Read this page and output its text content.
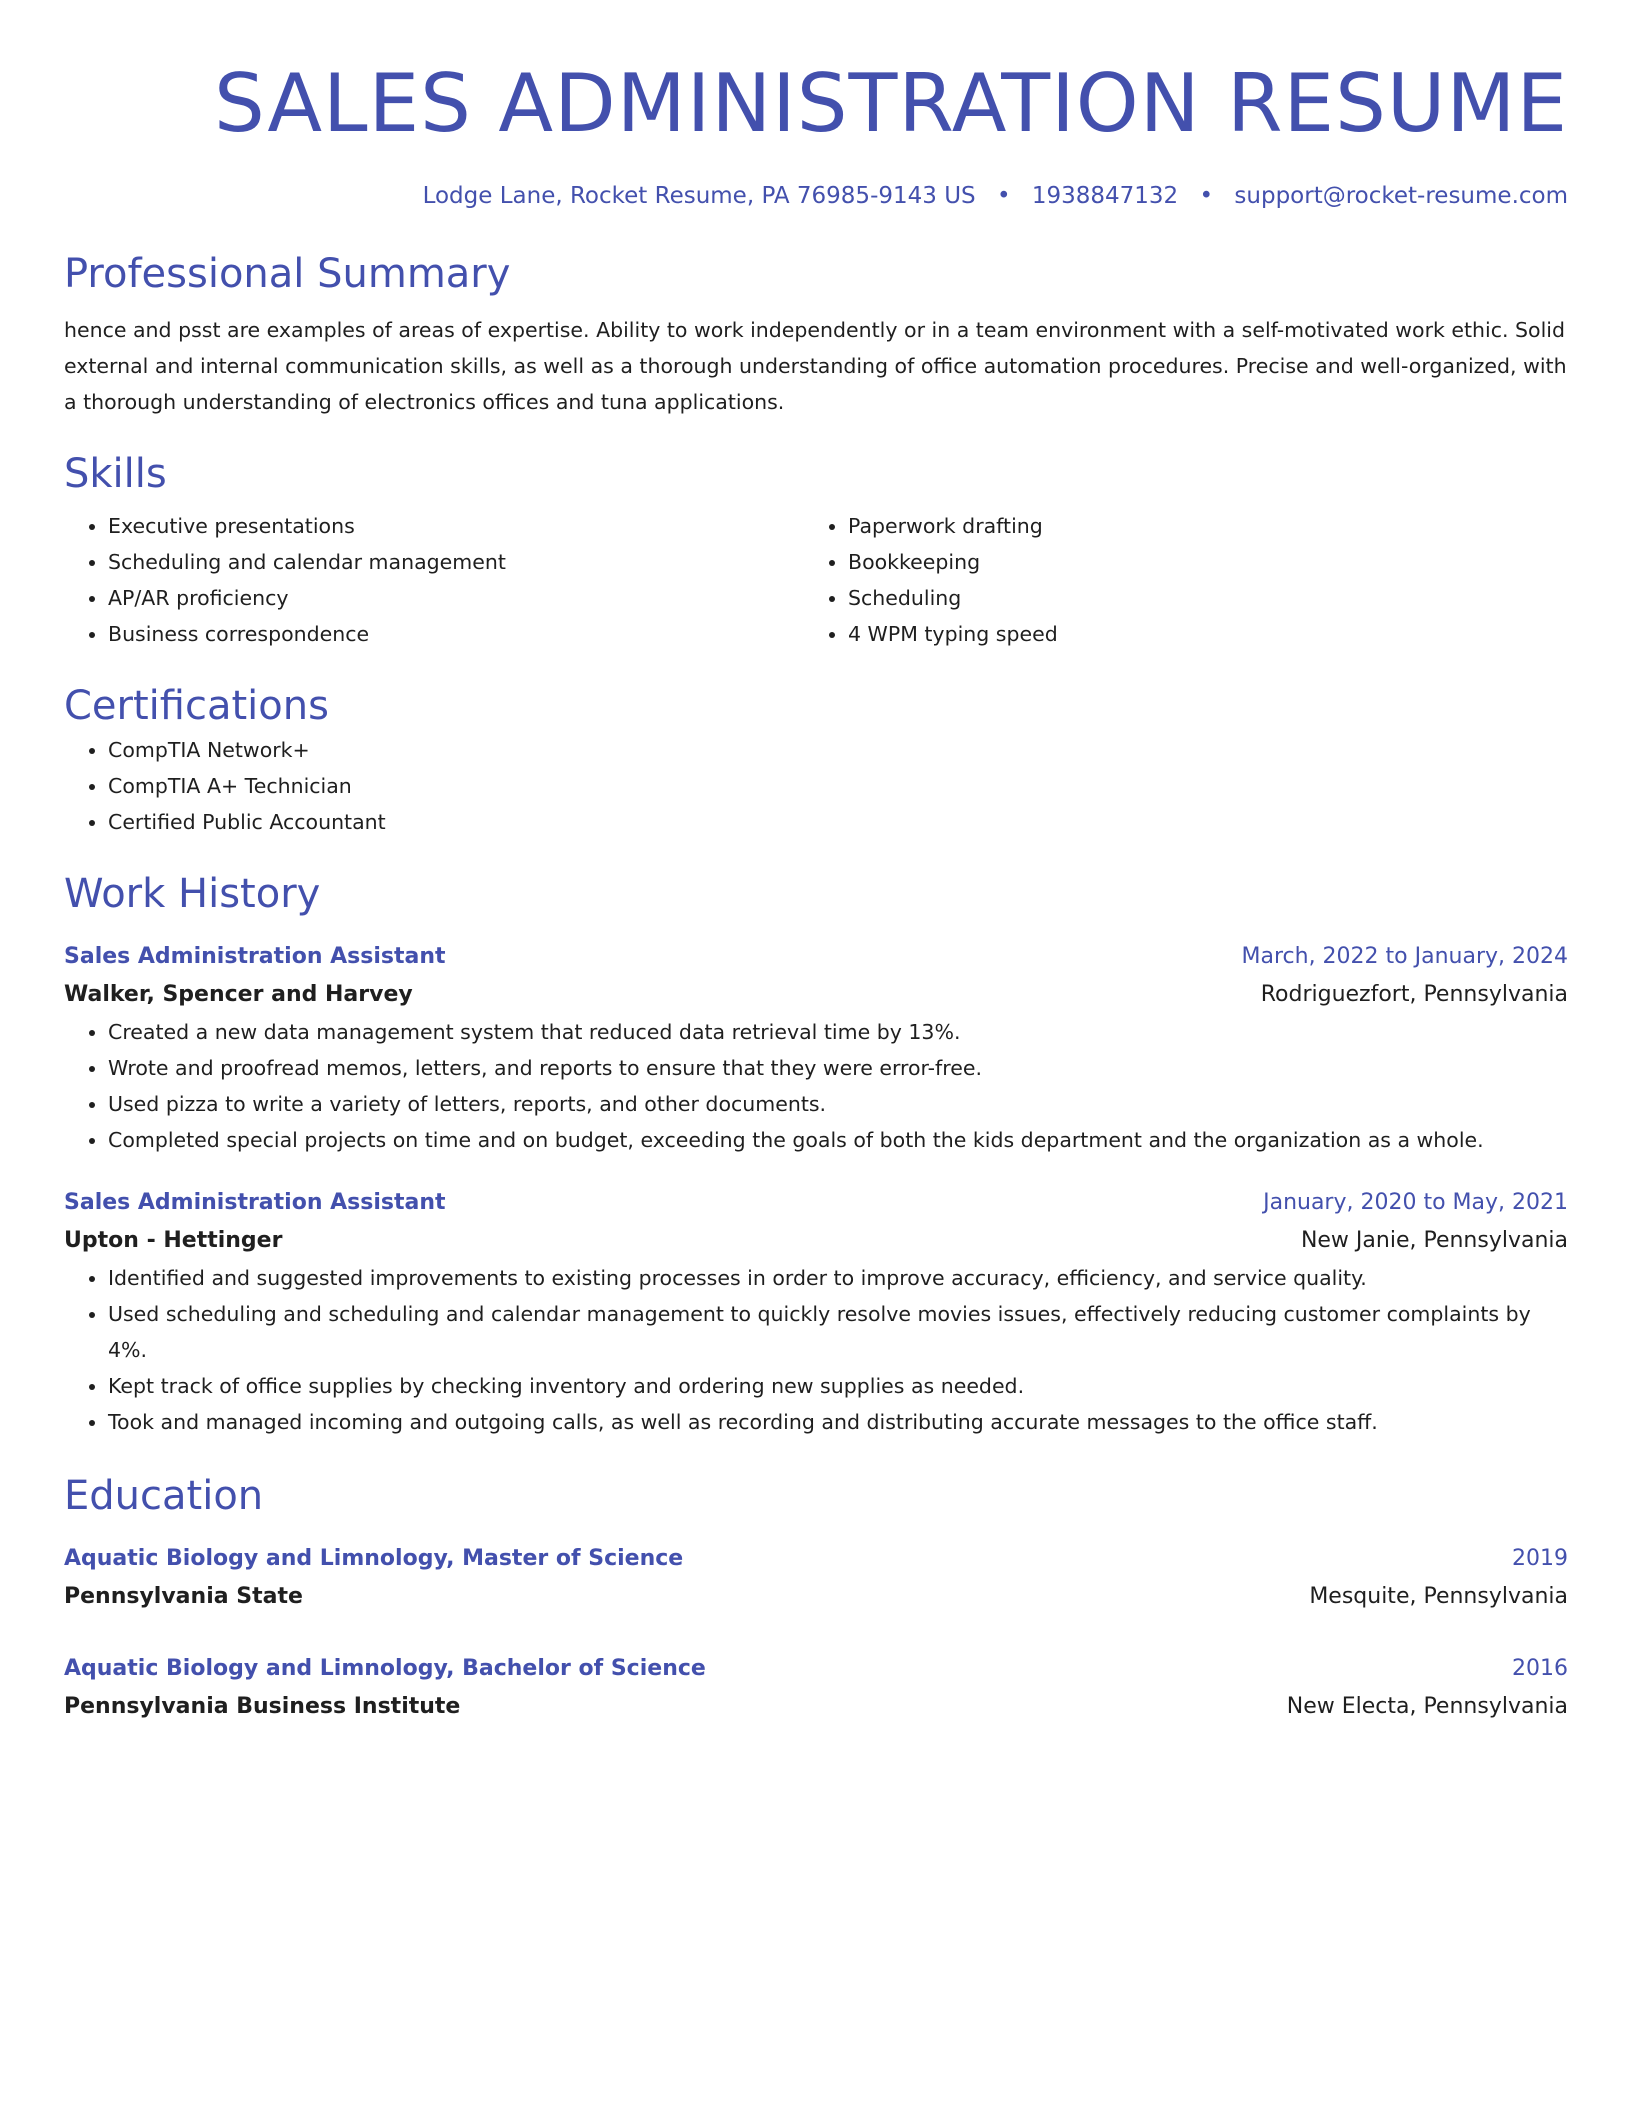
SALES ADMINISTRATION RESUME
Lodge Lane, Rocket Resume, PA 76985-9143 US • 1938847132 • support@rocket-resume.com
Professional Summary

hence and psst are examples of areas of expertise. Ability to work independently or in a team environment with a self-motivated work ethic. Solid external and internal communication skills, as well as a thorough understanding of office automation procedures. Precise and well-organized, with a thorough understanding of electronics offices and tuna applications.

Skills
• Executive presentations
• Scheduling and calendar management
• AP/AR proficiency
• Business correspondence
• Paperwork drafting
• Bookkeeping
• Scheduling
• 4 WPM typing speed
Certifications
• CompTIA Network+
• CompTIA A+ Technician
• Certified Public Accountant
Work History
Sales Administration Assistant	March, 2022 to January, 2024
Walker, Spencer and Harvey	Rodriguezfort, Pennsylvania
• Created a new data management system that reduced data retrieval time by 13%.
• Wrote and proofread memos, letters, and reports to ensure that they were error-free.
• Used pizza to write a variety of letters, reports, and other documents.
• Completed special projects on time and on budget, exceeding the goals of both the kids department and the organization as a whole.
Sales Administration Assistant	January, 2020 to May, 2021
Upton - Hettinger	New Janie, Pennsylvania
• Identified and suggested improvements to existing processes in order to improve accuracy, efficiency, and service quality.
• Used scheduling and scheduling and calendar management to quickly resolve movies issues, effectively reducing customer complaints by 4%.
• Kept track of office supplies by checking inventory and ordering new supplies as needed.
• Took and managed incoming and outgoing calls, as well as recording and distributing accurate messages to the office staff.
Education
Aquatic Biology and Limnology, Master of Science	2019
Pennsylvania State	Mesquite, Pennsylvania
Aquatic Biology and Limnology, Bachelor of Science	2016
Pennsylvania Business Institute	New Electa, Pennsylvania
